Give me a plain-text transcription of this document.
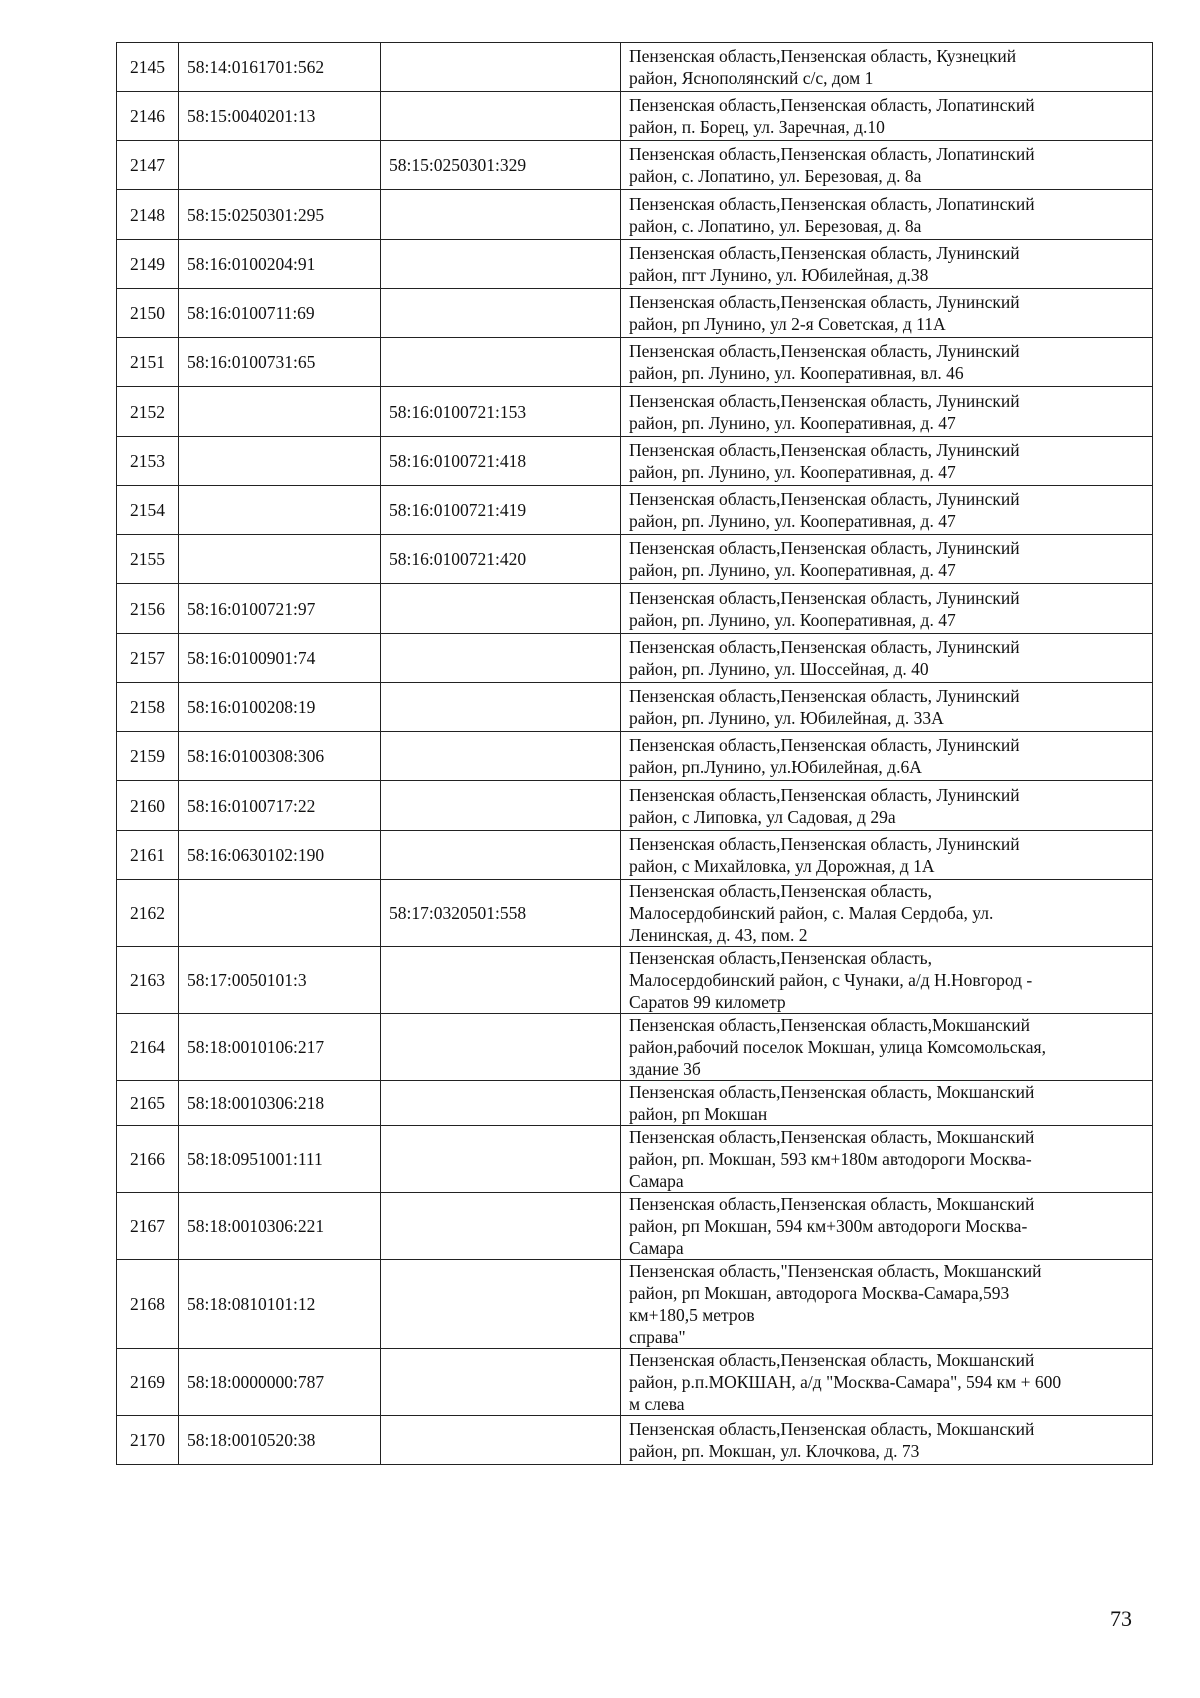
2145	58:14:0161701:562		Пензенская область,Пензенская область, Кузнецкий
район, Яснополянский с/с, дом 1
2146	58:15:0040201:13		Пензенская область,Пензенская область, Лопатинский
район, п. Борец, ул. Заречная, д.10
2147		58:15:0250301:329	Пензенская область,Пензенская область, Лопатинский
район, с. Лопатино, ул. Березовая, д. 8а
2148	58:15:0250301:295		Пензенская область,Пензенская область, Лопатинский
район, с. Лопатино, ул. Березовая, д. 8а
2149	58:16:0100204:91		Пензенская область,Пензенская область, Лунинский
район, пгт Лунино, ул. Юбилейная, д.38
2150	58:16:0100711:69		Пензенская область,Пензенская область, Лунинский
район, рп Лунино, ул 2-я Советская, д 11А
2151	58:16:0100731:65		Пензенская область,Пензенская область, Лунинский
район, рп. Лунино, ул. Кооперативная, вл. 46
2152		58:16:0100721:153	Пензенская область,Пензенская область, Лунинский
район, рп. Лунино, ул. Кооперативная, д. 47
2153		58:16:0100721:418	Пензенская область,Пензенская область, Лунинский
район, рп. Лунино, ул. Кооперативная, д. 47
2154		58:16:0100721:419	Пензенская область,Пензенская область, Лунинский
район, рп. Лунино, ул. Кооперативная, д. 47
2155		58:16:0100721:420	Пензенская область,Пензенская область, Лунинский
район, рп. Лунино, ул. Кооперативная, д. 47
2156	58:16:0100721:97		Пензенская область,Пензенская область, Лунинский
район, рп. Лунино, ул. Кооперативная, д. 47
2157	58:16:0100901:74		Пензенская область,Пензенская область, Лунинский
район, рп. Лунино, ул. Шоссейная, д. 40
2158	58:16:0100208:19		Пензенская область,Пензенская область, Лунинский
район, рп. Лунино, ул. Юбилейная, д. 33А
2159	58:16:0100308:306		Пензенская область,Пензенская область, Лунинский
район, рп.Лунино, ул.Юбилейная, д.6А
2160	58:16:0100717:22		Пензенская область,Пензенская область, Лунинский
район, с Липовка, ул Садовая, д 29а
2161	58:16:0630102:190		Пензенская область,Пензенская область, Лунинский
район, с Михайловка, ул Дорожная, д 1А
2162		58:17:0320501:558	Пензенская область,Пензенская область,
Малосердобинский район, с. Малая Сердоба, ул.
Ленинская, д. 43, пом. 2
2163	58:17:0050101:3		Пензенская область,Пензенская область,
Малосердобинский район, с Чунаки, а/д Н.Новгород -
Саратов 99 километр
2164	58:18:0010106:217		Пензенская область,Пензенская область,Мокшанский
район,рабочий поселок Мокшан, улица Комсомольская,
здание 3б
2165	58:18:0010306:218		Пензенская область,Пензенская область, Мокшанский
район, рп Мокшан
2166	58:18:0951001:111		Пензенская область,Пензенская область, Мокшанский
район, рп. Мокшан, 593 км+180м автодороги Москва-
Самара
2167	58:18:0010306:221		Пензенская область,Пензенская область, Мокшанский
район, рп Мокшан, 594 км+300м автодороги Москва-
Самара
2168	58:18:0810101:12		Пензенская область,"Пензенская область, Мокшанский
район, рп Мокшан, автодорога Москва-Самара,593
км+180,5 метров
справа"
2169	58:18:0000000:787		Пензенская область,Пензенская область, Мокшанский
район, р.п.МОКШАН, а/д "Москва-Самара", 594 км + 600
м слева
2170	58:18:0010520:38		Пензенская область,Пензенская область, Мокшанский
район, рп. Мокшан, ул. Клочкова, д. 73
73
